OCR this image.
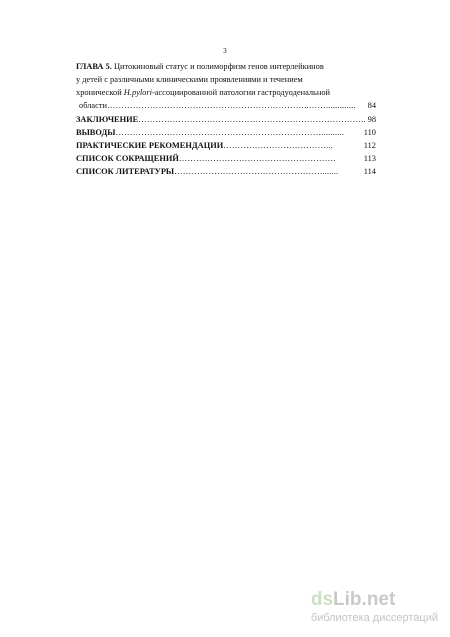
3
ГЛАВА 5. Цитокиновый статус и полиморфизм генов интерлейкинов
у детей с различными клиническими проявлениями и течением
хронической H.pylori-ассоциированной патологии гастродуоденальной
области ……………………………………………………………..…….............	84
ЗАКЛЮЧЕНИЕ …………………………………………………………………….. 98
ВЫВОДЫ ………………………………………………………………..........	110
ПРАКТИЧЕСКИЕ РЕКОМЕНДАЦИИ ………………………………...	112
СПИСОК СОКРАЩЕНИЙ ……………………………………………….	113
СПИСОК ЛИТЕРАТУРЫ ……………………………………………........	114
dsLib.net
библиотека диссертаций
